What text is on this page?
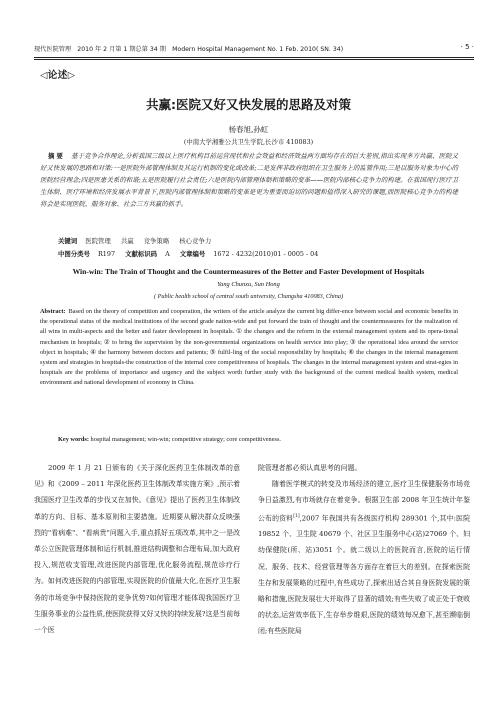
现代医院管理　2010 年 2 月第 1 期总第 34 期　Modern Hospital Management No. 1 Feb. 2010( SN. 34)	· 5 ·
◁论述▷
共赢:医院又好又快发展的思路及对策
杨春旭,孙虹
(中南大学湘雅公共卫生学院,长沙市 410083)
摘要 基于竞争合作理论,分析我国三级以上医疗机构目前运营现状和社会效益和经济效益两方面均存在的巨大差别,指出实现多方共赢、医院又好又快发展的思路和对策:一是医院外部管理体制及其运行机制的变化或改革;二是发挥非政府组织在卫生服务上的监管作用;三是以服务对象为中心的医院经营理念;四是医患关系的和谐;五是医院履行社会责任;六是医院内部管理体制和策略的变革——医院内部核心竞争力的构建。在我国现行医疗卫生体制、医疗环境和经济发展水平背景下,医院内部管理体制和策略的变革是更为重要而迫切的问题和值得深入研究的课题,而医院核心竞争力的构建将会是实现医院、服务对象、社会三方共赢的抓手。
关键词 医院管理 共赢 竞争策略 核心竞争力
中图分类号 R197 文献标识码 A 文章编号 1672 - 4232(2010)01 - 0005 - 04
Win-win: The Train of Thought and the Countermeasures of the Better and Faster Development of Hospitals
Yang Chunxu, Sun Hong
( Public health school of central south university, Changsha 410083, China)
Abstract: Based on the theory of competition and cooperation, the writers of the article analyze the current big differ-ence between social and economic benefits in the operational status of the medical institutions of the second grade nation-wide and put forward the train of thought and the countermeasures for the realization of all wins in multi-aspects and the better and faster development in hospitals. ① the changes and the reform in the external management system and its opera-tional mechanism in hospitals; ② to bring the supervision by the non-governmental organizations on health service into play; ③ the operational idea around the service object in hospitals; ④ the harmony between doctors and patients; ⑤ fulfil-ling of the social responsibility by hospitals; ⑥ the changes in the internal management system and strategies in hospitals-the construction of the internal core competitiveness of hospitals. The changes in the internal management system and strat-egies in hospitals are the problems of importance and urgency and the subject worth further study with the background of the current medical health system, medical environment and national development of economy in China.
Key words: hospital management; win-win; competitive strategy; core competitiveness.

2009 年 1 月 21 日颁布的《关于深化医药卫生体制改革的意见》和《2009 – 2011 年深化医药卫生体制改革实施方案》,预示着我国医疗卫生改革的步伐又在加快。《意见》提出了医药卫生体制改革的方向、目标、基本原则和主要措施。近期要从解决群众反映强烈的"看病难"、"看病贵"问题入手,重点抓好五项改革,其中之一是改革公立医院管理体制和运行机制,推进结构调整和合理布局,加大政府投入,规范收支管理,改进医院内部管理,优化服务流程,规范诊疗行为。如何改进医院的内部管理,实现医院的价值最大化,在医疗卫生服务的市场竞争中保持医院的竞争优势?如何管理才能体现我国医疗卫生服务事业的公益性质,使医院获得又好又快的持续发展?这是当前每一个医

院管理者都必须认真思考的问题。

随着医学模式的转变及市场经济的建立,医疗卫生保健服务市场竞争日益激烈,有市场就存在着竞争。根据卫生部 2008 年卫生统计年鉴公布的资料[1],2007 年我国共有各级医疗机构 289301 个,其中:医院 19852 个、卫生院 40679 个、社区卫生服务中心(站)27069 个、妇幼保健院(所、站)3051 个。就二级以上的医院而言,医院的运行情况、服务、技术、经营管理等各方面存在着巨大的差别。在探索医院生存和发展策略的过程中,有些成功了,探索出适合其自身医院发展的策略和措施,医院发展壮大并取得了显著的绩效;有些失败了或正处于衰败的状态,运营效率低下,生存举步维艰,医院的绩效每况愈下,甚至濒临倒闭;有些医院局
